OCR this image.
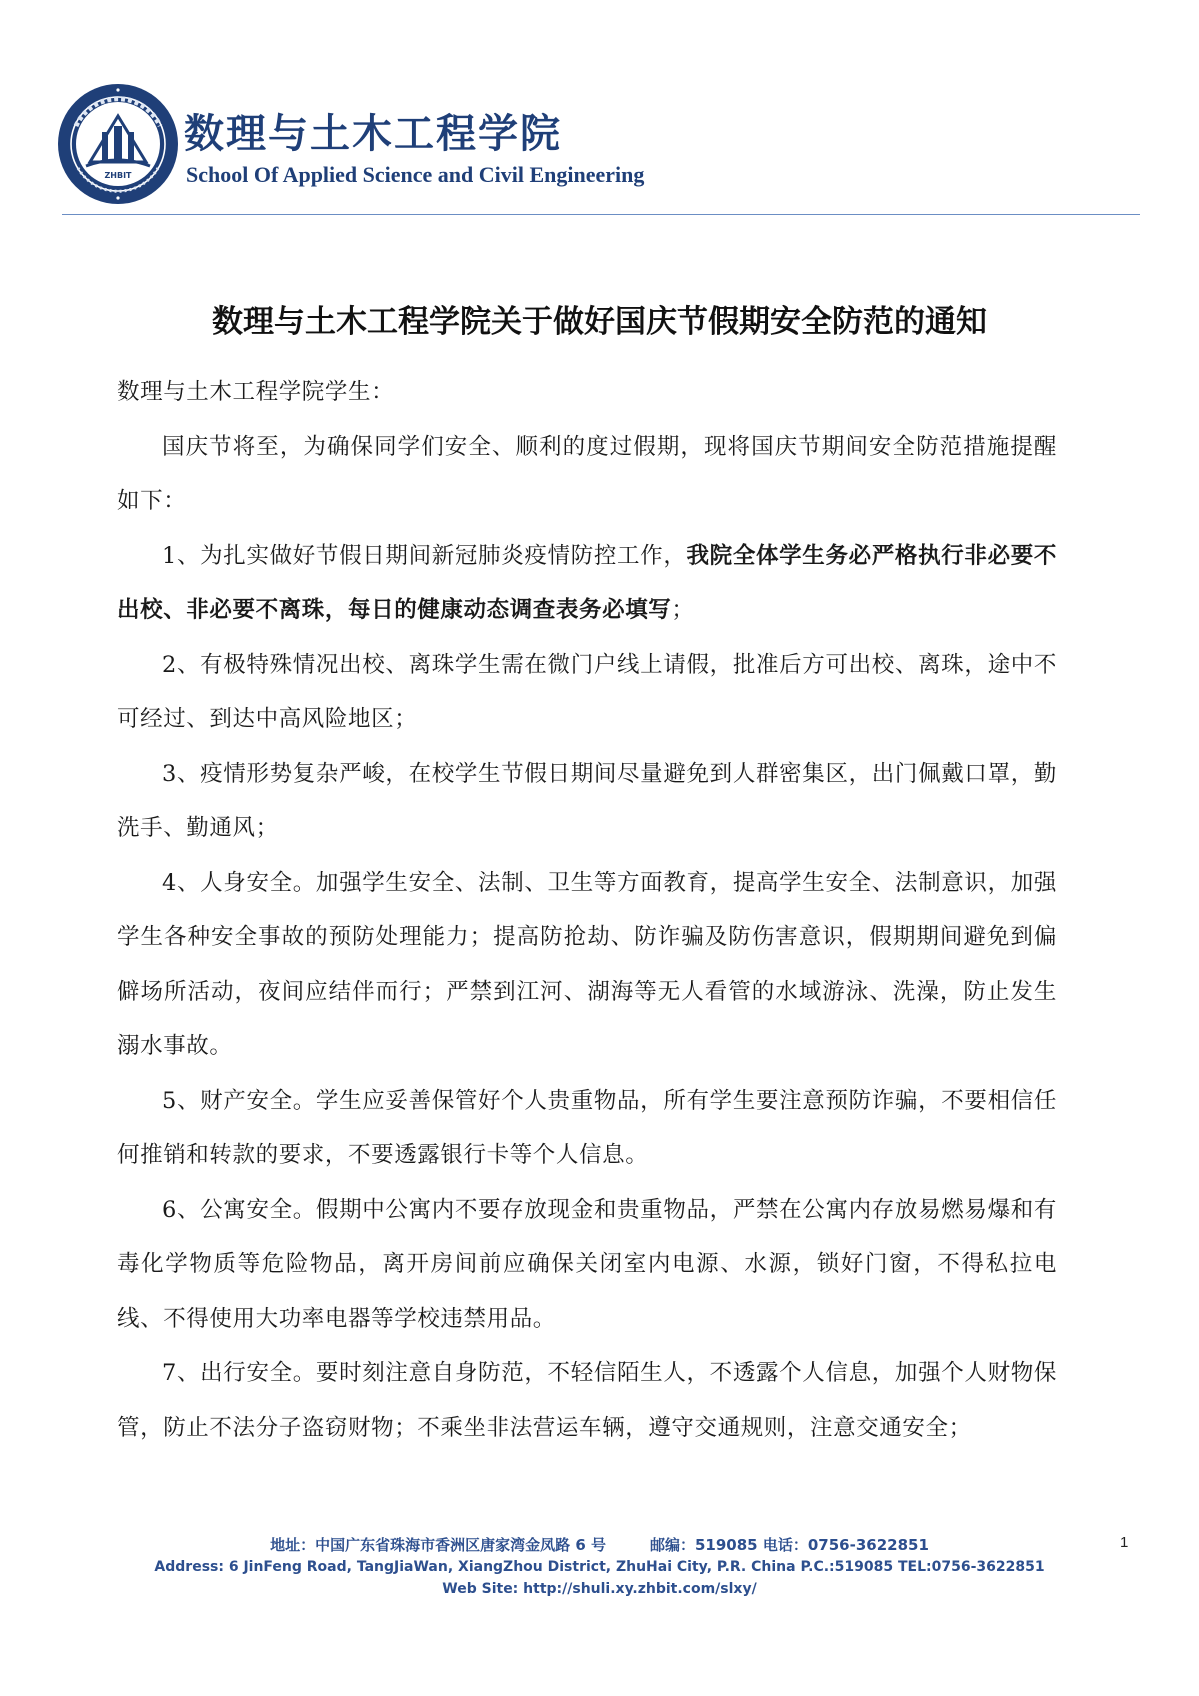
ZHBIT
数理与土木工程学院
School Of Applied Science and Civil Engineering
数理与土木工程学院关于做好国庆节假期安全防范的通知

数理与土木工程学院学生：

国庆节将至，为确保同学们安全、顺利的度过假期，现将国庆节期间安全防范措施提醒如下：

1、为扎实做好节假日期间新冠肺炎疫情防控工作，我院全体学生务必严格执行非必要不出校、非必要不离珠，每日的健康动态调查表务必填写；

2、有极特殊情况出校、离珠学生需在微门户线上请假，批准后方可出校、离珠，途中不可经过、到达中高风险地区；

3、疫情形势复杂严峻，在校学生节假日期间尽量避免到人群密集区，出门佩戴口罩，勤洗手、勤通风；

4、人身安全。加强学生安全、法制、卫生等方面教育，提高学生安全、法制意识，加强学生各种安全事故的预防处理能力；提高防抢劫、防诈骗及防伤害意识，假期期间避免到偏僻场所活动，夜间应结伴而行；严禁到江河、湖海等无人看管的水域游泳、洗澡，防止发生溺水事故。

5、财产安全。学生应妥善保管好个人贵重物品，所有学生要注意预防诈骗，不要相信任何推销和转款的要求，不要透露银行卡等个人信息。

6、公寓安全。假期中公寓内不要存放现金和贵重物品，严禁在公寓内存放易燃易爆和有毒化学物质等危险物品，离开房间前应确保关闭室内电源、水源，锁好门窗，不得私拉电线、不得使用大功率电器等学校违禁用品。

7、出行安全。要时刻注意自身防范，不轻信陌生人，不透露个人信息，加强个人财物保管，防止不法分子盗窃财物；不乘坐非法营运车辆，遵守交通规则，注意交通安全；

地址：中国广东省珠海市香洲区唐家湾金凤路 6 号	邮编：519085 电话：0756-3622851
Address: 6 JinFeng Road, TangJiaWan, XiangZhou District, ZhuHai City, P.R. China P.C.:519085 TEL:0756-3622851
Web Site: http://shuli.xy.zhbit.com/slxy/
1
